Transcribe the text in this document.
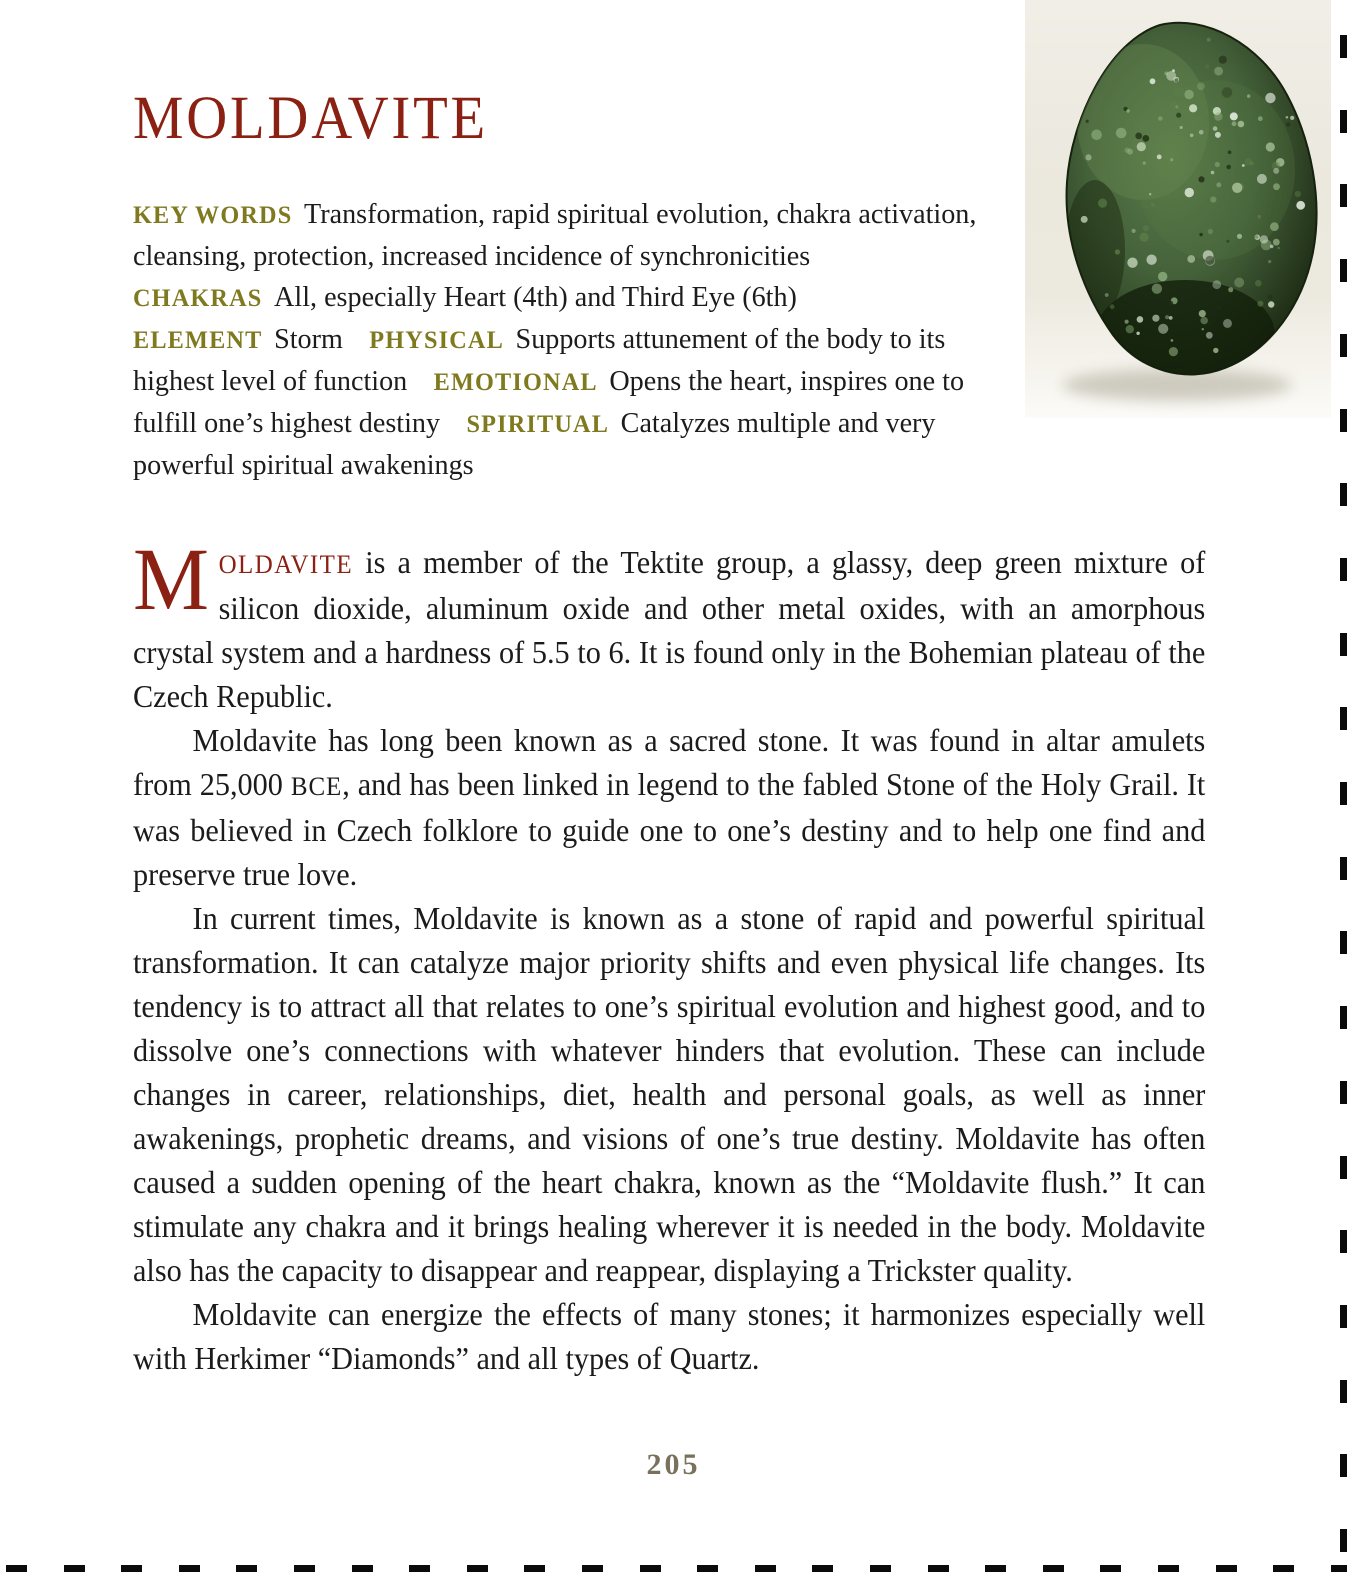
MOLDAVITE

KEY WORDS Transformation, rapid spiritual evolution, chakra activation, cleansing, protection, increased incidence of synchronicities CHAKRAS All, especially Heart (4th) and Third Eye (6th) ELEMENT Storm PHYSICAL Supports attunement of the body to its highest level of function EMOTIONAL Opens the heart, inspires one to fulfill one’s highest destiny SPIRITUAL Catalyzes multiple and very powerful spiritual awakenings

MOLDAVITE is a member of the Tektite group, a glassy, deep green mixture of silicon dioxide, aluminum oxide and other metal oxides, with an amorphous crystal system and a hardness of 5.5 to 6. It is found only in the Bohemian plateau of the Czech Republic.

Moldavite has long been known as a sacred stone. It was found in altar amulets from 25,000 BCE, and has been linked in legend to the fabled Stone of the Holy Grail. It was believed in Czech folklore to guide one to one’s destiny and to help one find and preserve true love.

In current times, Moldavite is known as a stone of rapid and powerful spiritual transformation. It can catalyze major priority shifts and even physical life changes. Its tendency is to attract all that relates to one’s spiritual evolution and highest good, and to dissolve one’s connections with whatever hinders that evolution. These can include changes in career, relationships, diet, health and personal goals, as well as inner awakenings, prophetic dreams, and visions of one’s true destiny. Moldavite has often caused a sudden opening of the heart chakra, known as the “Moldavite flush.” It can stimulate any chakra and it brings healing wherever it is needed in the body. Moldavite also has the capacity to disappear and reappear, displaying a Trickster quality.

Moldavite can energize the effects of many stones; it harmonizes especially well with Herkimer “Diamonds” and all types of Quartz.

205
